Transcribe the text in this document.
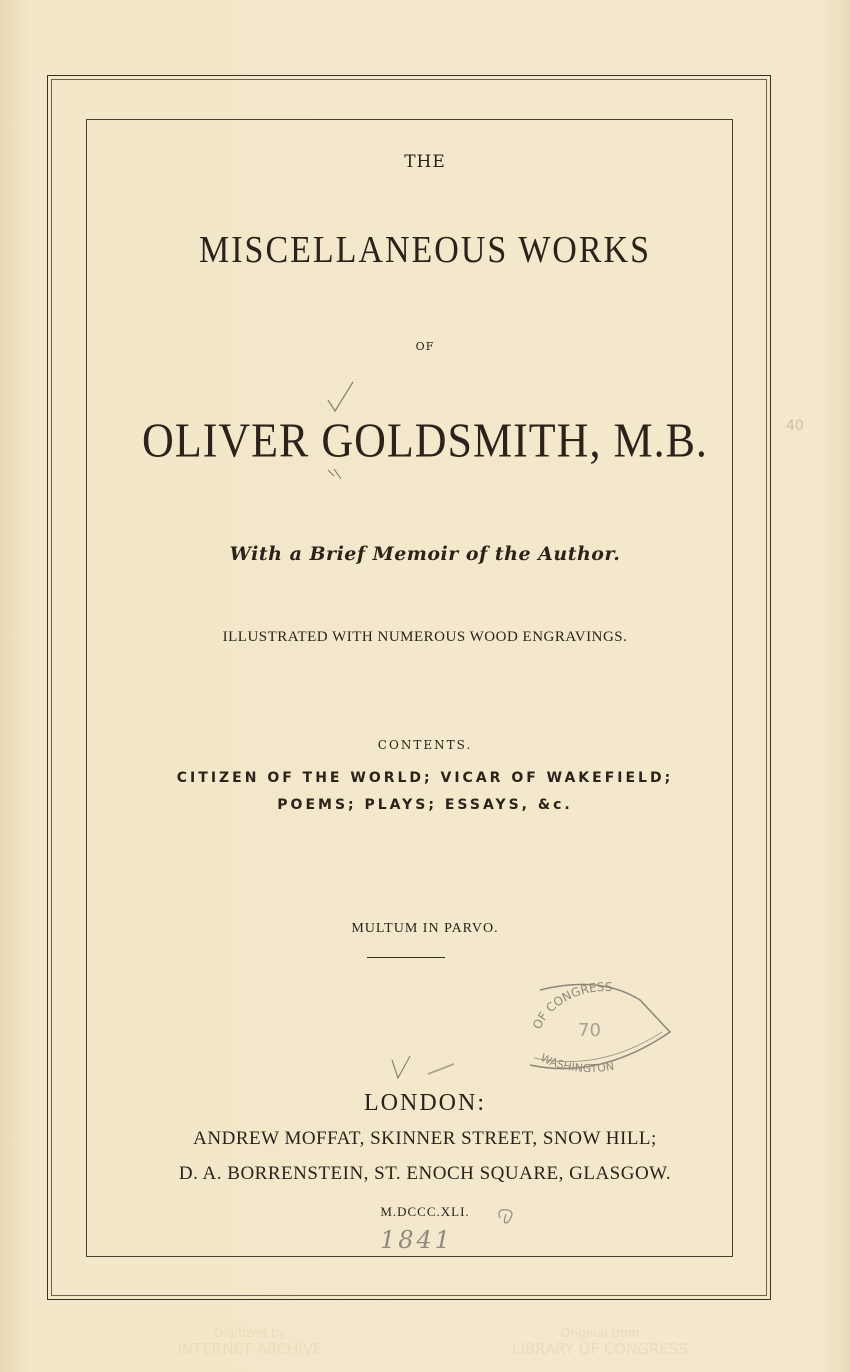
THE
MISCELLANEOUS WORKS
OF
OLIVER GOLDSMITH, M.B.
With a Brief Memoir of the Author.
ILLUSTRATED WITH NUMEROUS WOOD ENGRAVINGS.
CONTENTS.
CITIZEN OF THE WORLD; VICAR OF WAKEFIELD;
POEMS; PLAYS; ESSAYS, &c.
MULTUM IN PARVO.
OF CONGRESS
WASHINGTON
70
LONDON:
ANDREW MOFFAT, SKINNER STREET, SNOW HILL;
D. A. BORRENSTEIN, ST. ENOCH SQUARE, GLASGOW.
M.DCCC.XLI.
1841
40
Digitized by
INTERNET ARCHIVE
Original from
LIBRARY OF CONGRESS
